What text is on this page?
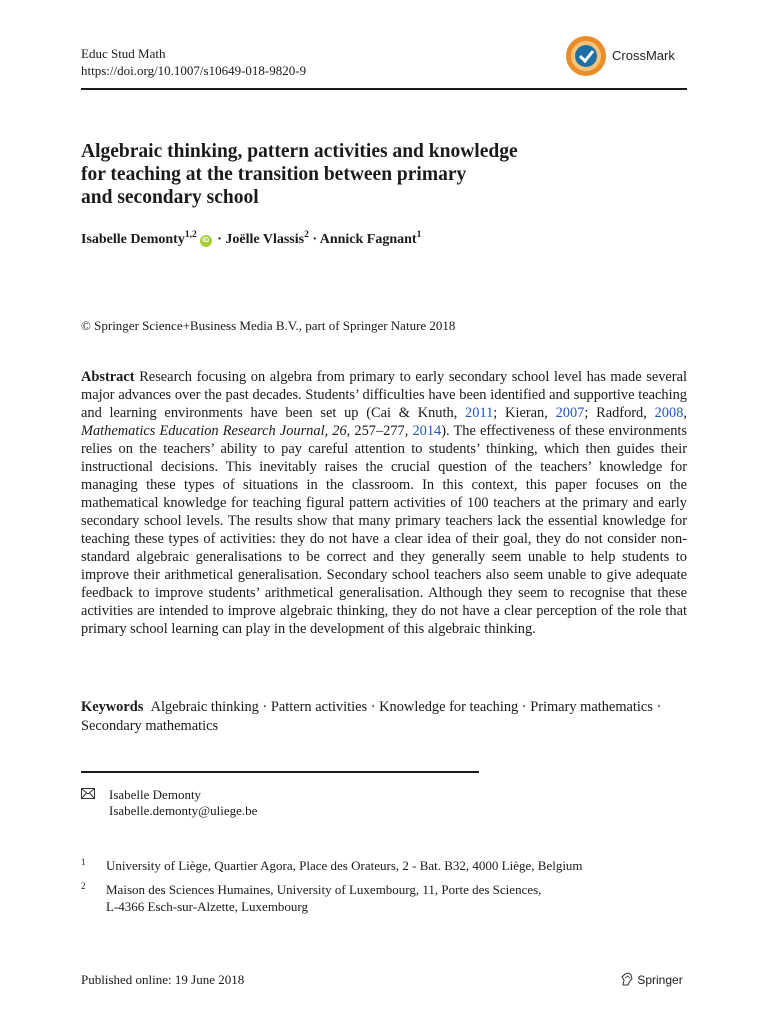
Educ Stud Math
https://doi.org/10.1007/s10649-018-9820-9
CrossMark
Algebraic thinking, pattern activities and knowledge
for teaching at the transition between primary
and secondary school
Isabelle Demonty$^{1,2}$iD · Joëlle Vlassis$^2$ · Annick Fagnant$^1$
© Springer Science+Business Media B.V., part of Springer Nature 2018
Abstract Research focusing on algebra from primary to early secondary school level has made several major advances over the past decades. Students’ difficulties have been identified and supportive teaching and learning environments have been set up (Cai & Knuth, 2011; Kieran, 2007; Radford, 2008, Mathematics Education Research Journal, 26, 257–277, 2014). The effectiveness of these environments relies on the teachers’ ability to pay careful attention to students’ thinking, which then guides their instructional decisions. This inevitably raises the crucial question of the teachers’ knowledge for managing these types of situations in the classroom. In this context, this paper focuses on the mathematical knowledge for teaching figural pattern activities of 100 teachers at the primary and early secondary school levels. The results show that many primary teachers lack the essential knowledge for teaching these types of activities: they do not have a clear idea of their goal, they do not consider non-standard algebraic generalisations to be correct and they generally seem unable to help students to improve their arithmetical generalisation. Secondary school teachers also seem unable to give adequate feedback to improve students’ arithmetical generalisation. Although they seem to recognise that these activities are intended to improve algebraic thinking, they do not have a clear perception of the role that primary school learning can play in the development of this algebraic thinking.
Keywords Algebraic thinking · Pattern activities · Knowledge for teaching · Primary mathematics · Secondary mathematics
Isabelle Demonty
Isabelle.demonty@uliege.be
1 University of Liège, Quartier Agora, Place des Orateurs, 2 - Bat. B32, 4000 Liège, Belgium
2 Maison des Sciences Humaines, University of Luxembourg, 11, Porte des Sciences,
L-4366 Esch-sur-Alzette, Luxembourg
Published online: 19 June 2018	Springer
